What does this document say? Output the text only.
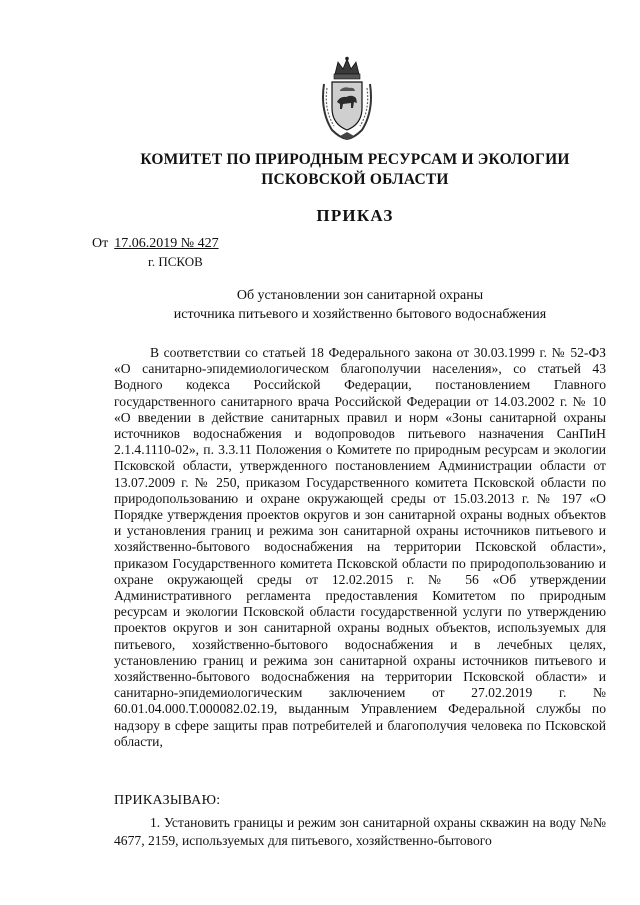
КОМИТЕТ ПО ПРИРОДНЫМ РЕСУРСАМ И ЭКОЛОГИИ
ПСКОВСКОЙ ОБЛАСТИ
ПРИКАЗ
От 17.06.2019 № 427
г. ПСКОВ
Об установлении зон санитарной охраны
источника питьевого и хозяйственно бытового водоснабжения

В соответствии со статьей 18 Федерального закона от 30.03.1999 г. № 52-ФЗ «О санитарно-эпидемиологическом благополучии населения», со статьей 43 Водного кодекса Российской Федерации, постановлением Главного государственного санитарного врача Российской Федерации от 14.03.2002 г. № 10 «О введении в действие санитарных правил и норм «Зоны санитарной охраны источников водоснабжения и водопроводов питьевого назначения СанПиН 2.1.4.1110-02», п. 3.3.11 Положения о Комитете по природным ресурсам и экологии Псковской области, утвержденного постановлением Администрации области от 13.07.2009 г. № 250, приказом Государственного комитета Псковской области по природопользованию и охране окружающей среды от 15.03.2013 г. № 197 «О Порядке утверждения проектов округов и зон санитарной охраны водных объектов и установления границ и режима зон санитарной охраны источников питьевого и хозяйственно-бытового водоснабжения на территории Псковской области», приказом Государственного комитета Псковской области по природопользованию и охране окружающей среды от 12.02.2015 г. № 56 «Об утверждении Административного регламента предоставления Комитетом по природным ресурсам и экологии Псковской области государственной услуги по утверждению проектов округов и зон санитарной охраны водных объектов, используемых для питьевого, хозяйственно-бытового водоснабжения и в лечебных целях, установлению границ и режима зон санитарной охраны источников питьевого и хозяйственно-бытового водоснабжения на территории Псковской области» и санитарно-эпидемиологическим заключением от 27.02.2019 г. № 60.01.04.000.Т.000082.02.19, выданным Управлением Федеральной службы по надзору в сфере защиты прав потребителей и благополучия человека по Псковской области,

ПРИКАЗЫВАЮ:
1. Установить границы и режим зон санитарной охраны скважин на воду №№ 4677, 2159, используемых для питьевого, хозяйственно-бытового
